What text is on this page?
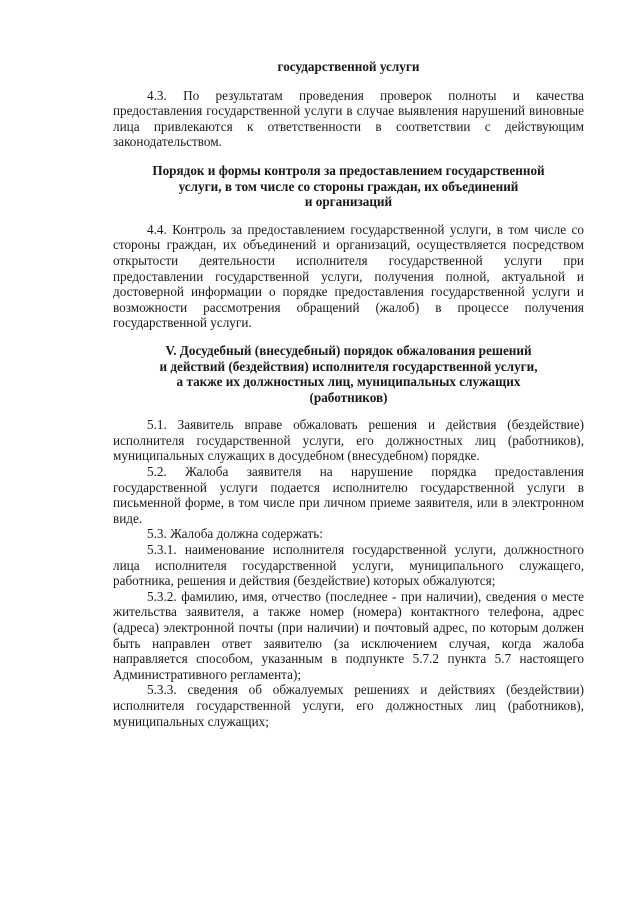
государственной услуги

4.3. По результатам проведения проверок полноты и качества предоставления государственной услуги в случае выявления нарушений виновные лица привлекаются к ответственности в соответствии с действующим законодательством.

Порядок и формы контроля за предоставлением государственной
услуги, в том числе со стороны граждан, их объединений
и организаций

4.4. Контроль за предоставлением государственной услуги, в том числе со стороны граждан, их объединений и организаций, осуществляется посредством открытости деятельности исполнителя государственной услуги при предоставлении государственной услуги, получения полной, актуальной и достоверной информации о порядке предоставления государственной услуги и возможности рассмотрения обращений (жалоб) в процессе получения государственной услуги.

V. Досудебный (внесудебный) порядок обжалования решений
и действий (бездействия) исполнителя государственной услуги,
а также их должностных лиц, муниципальных служащих
(работников)

5.1. Заявитель вправе обжаловать решения и действия (бездействие) исполнителя государственной услуги, его должностных лиц (работников), муниципальных служащих в досудебном (внесудебном) порядке.

5.2. Жалоба заявителя на нарушение порядка предоставления государственной услуги подается исполнителю государственной услуги в письменной форме, в том числе при личном приеме заявителя, или в электронном виде.

5.3. Жалоба должна содержать:

5.3.1. наименование исполнителя государственной услуги, должностного лица исполнителя государственной услуги, муниципального служащего, работника, решения и действия (бездействие) которых обжалуются;

5.3.2. фамилию, имя, отчество (последнее - при наличии), сведения о месте жительства заявителя, а также номер (номера) контактного телефона, адрес (адреса) электронной почты (при наличии) и почтовый адрес, по которым должен быть направлен ответ заявителю (за исключением случая, когда жалоба направляется способом, указанным в подпункте 5.7.2 пункта 5.7 настоящего Административного регламента);

5.3.3. сведения об обжалуемых решениях и действиях (бездействии) исполнителя государственной услуги, его должностных лиц (работников), муниципальных служащих;
